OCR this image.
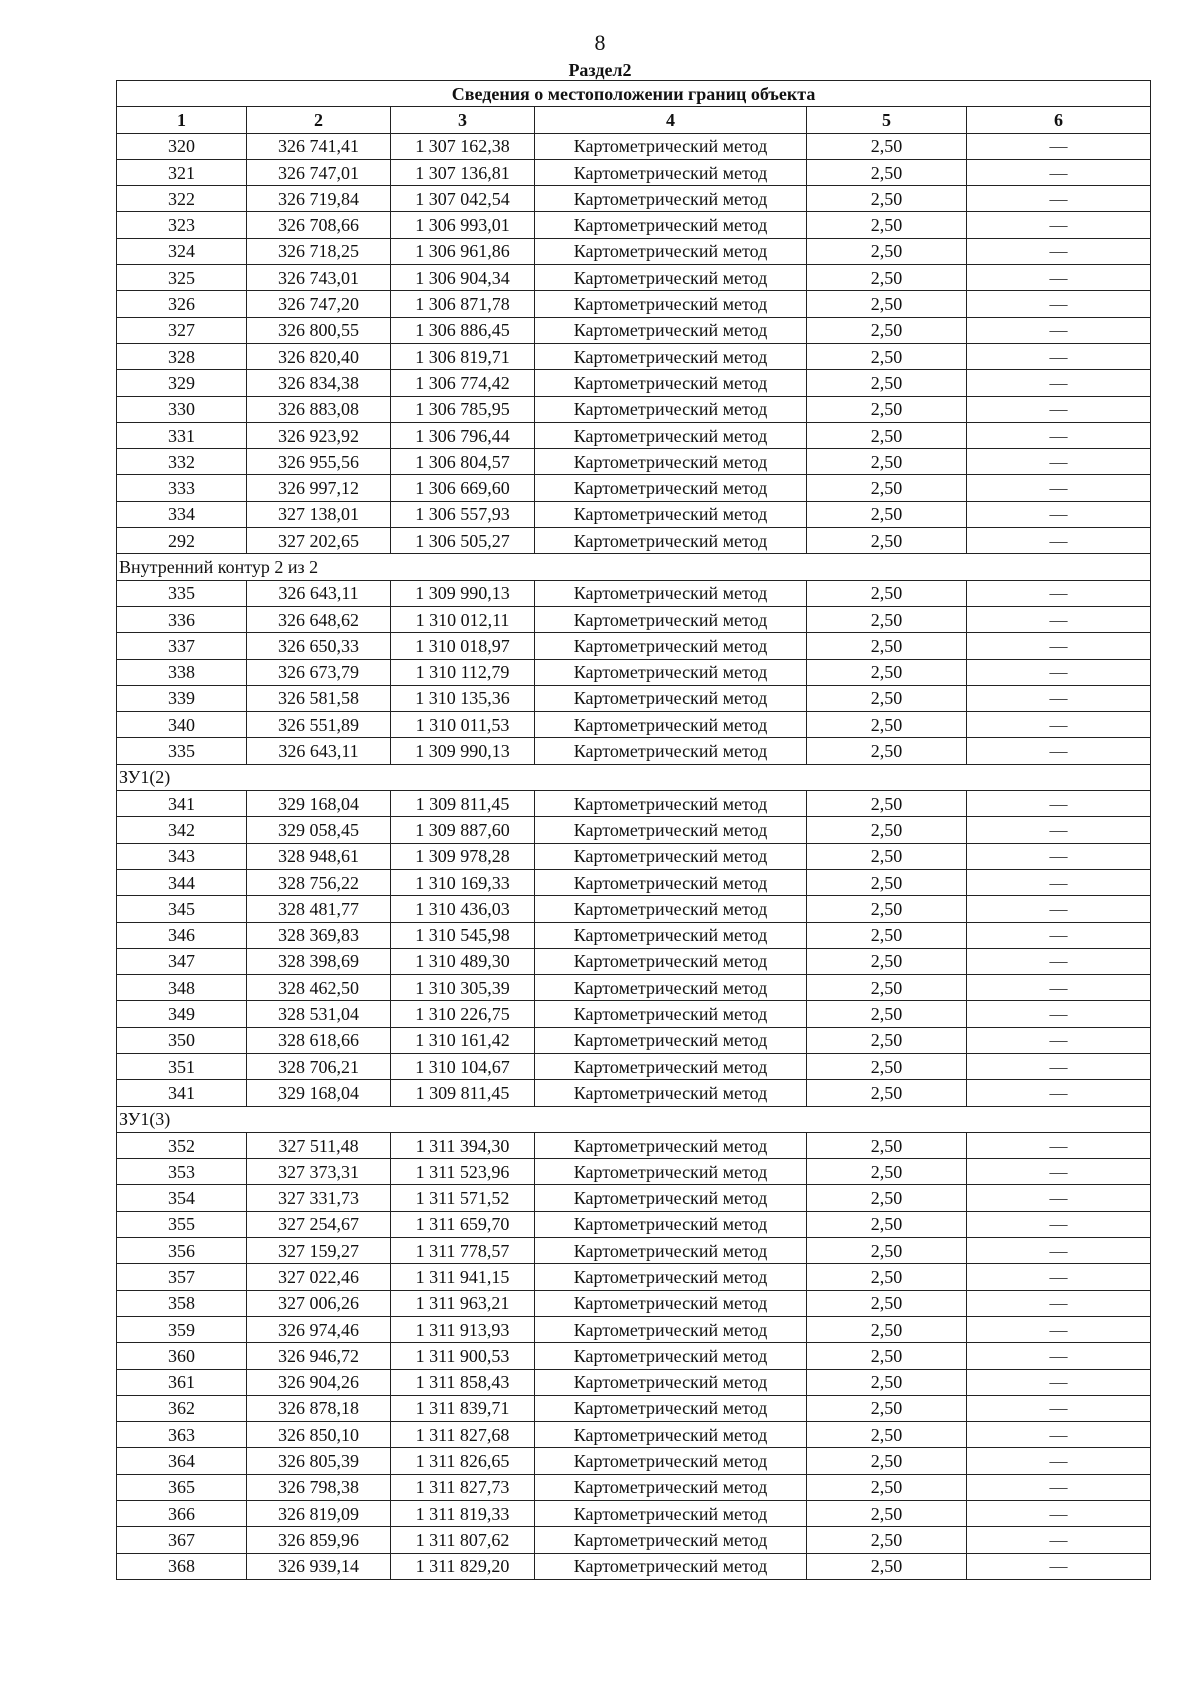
8
Раздел2
Сведения о местоположении границ объекта					
1	2	3	4	5	6
320	326 741,41	1 307 162,38	Картометрический метод	2,50	—
321	326 747,01	1 307 136,81	Картометрический метод	2,50	—
322	326 719,84	1 307 042,54	Картометрический метод	2,50	—
323	326 708,66	1 306 993,01	Картометрический метод	2,50	—
324	326 718,25	1 306 961,86	Картометрический метод	2,50	—
325	326 743,01	1 306 904,34	Картометрический метод	2,50	—
326	326 747,20	1 306 871,78	Картометрический метод	2,50	—
327	326 800,55	1 306 886,45	Картометрический метод	2,50	—
328	326 820,40	1 306 819,71	Картометрический метод	2,50	—
329	326 834,38	1 306 774,42	Картометрический метод	2,50	—
330	326 883,08	1 306 785,95	Картометрический метод	2,50	—
331	326 923,92	1 306 796,44	Картометрический метод	2,50	—
332	326 955,56	1 306 804,57	Картометрический метод	2,50	—
333	326 997,12	1 306 669,60	Картометрический метод	2,50	—
334	327 138,01	1 306 557,93	Картометрический метод	2,50	—
292	327 202,65	1 306 505,27	Картометрический метод	2,50	—
Внутренний контур 2 из 2					
335	326 643,11	1 309 990,13	Картометрический метод	2,50	—
336	326 648,62	1 310 012,11	Картометрический метод	2,50	—
337	326 650,33	1 310 018,97	Картометрический метод	2,50	—
338	326 673,79	1 310 112,79	Картометрический метод	2,50	—
339	326 581,58	1 310 135,36	Картометрический метод	2,50	—
340	326 551,89	1 310 011,53	Картометрический метод	2,50	—
335	326 643,11	1 309 990,13	Картометрический метод	2,50	—
ЗУ1(2)					
341	329 168,04	1 309 811,45	Картометрический метод	2,50	—
342	329 058,45	1 309 887,60	Картометрический метод	2,50	—
343	328 948,61	1 309 978,28	Картометрический метод	2,50	—
344	328 756,22	1 310 169,33	Картометрический метод	2,50	—
345	328 481,77	1 310 436,03	Картометрический метод	2,50	—
346	328 369,83	1 310 545,98	Картометрический метод	2,50	—
347	328 398,69	1 310 489,30	Картометрический метод	2,50	—
348	328 462,50	1 310 305,39	Картометрический метод	2,50	—
349	328 531,04	1 310 226,75	Картометрический метод	2,50	—
350	328 618,66	1 310 161,42	Картометрический метод	2,50	—
351	328 706,21	1 310 104,67	Картометрический метод	2,50	—
341	329 168,04	1 309 811,45	Картометрический метод	2,50	—
ЗУ1(3)					
352	327 511,48	1 311 394,30	Картометрический метод	2,50	—
353	327 373,31	1 311 523,96	Картометрический метод	2,50	—
354	327 331,73	1 311 571,52	Картометрический метод	2,50	—
355	327 254,67	1 311 659,70	Картометрический метод	2,50	—
356	327 159,27	1 311 778,57	Картометрический метод	2,50	—
357	327 022,46	1 311 941,15	Картометрический метод	2,50	—
358	327 006,26	1 311 963,21	Картометрический метод	2,50	—
359	326 974,46	1 311 913,93	Картометрический метод	2,50	—
360	326 946,72	1 311 900,53	Картометрический метод	2,50	—
361	326 904,26	1 311 858,43	Картометрический метод	2,50	—
362	326 878,18	1 311 839,71	Картометрический метод	2,50	—
363	326 850,10	1 311 827,68	Картометрический метод	2,50	—
364	326 805,39	1 311 826,65	Картометрический метод	2,50	—
365	326 798,38	1 311 827,73	Картометрический метод	2,50	—
366	326 819,09	1 311 819,33	Картометрический метод	2,50	—
367	326 859,96	1 311 807,62	Картометрический метод	2,50	—
368	326 939,14	1 311 829,20	Картометрический метод	2,50	—
